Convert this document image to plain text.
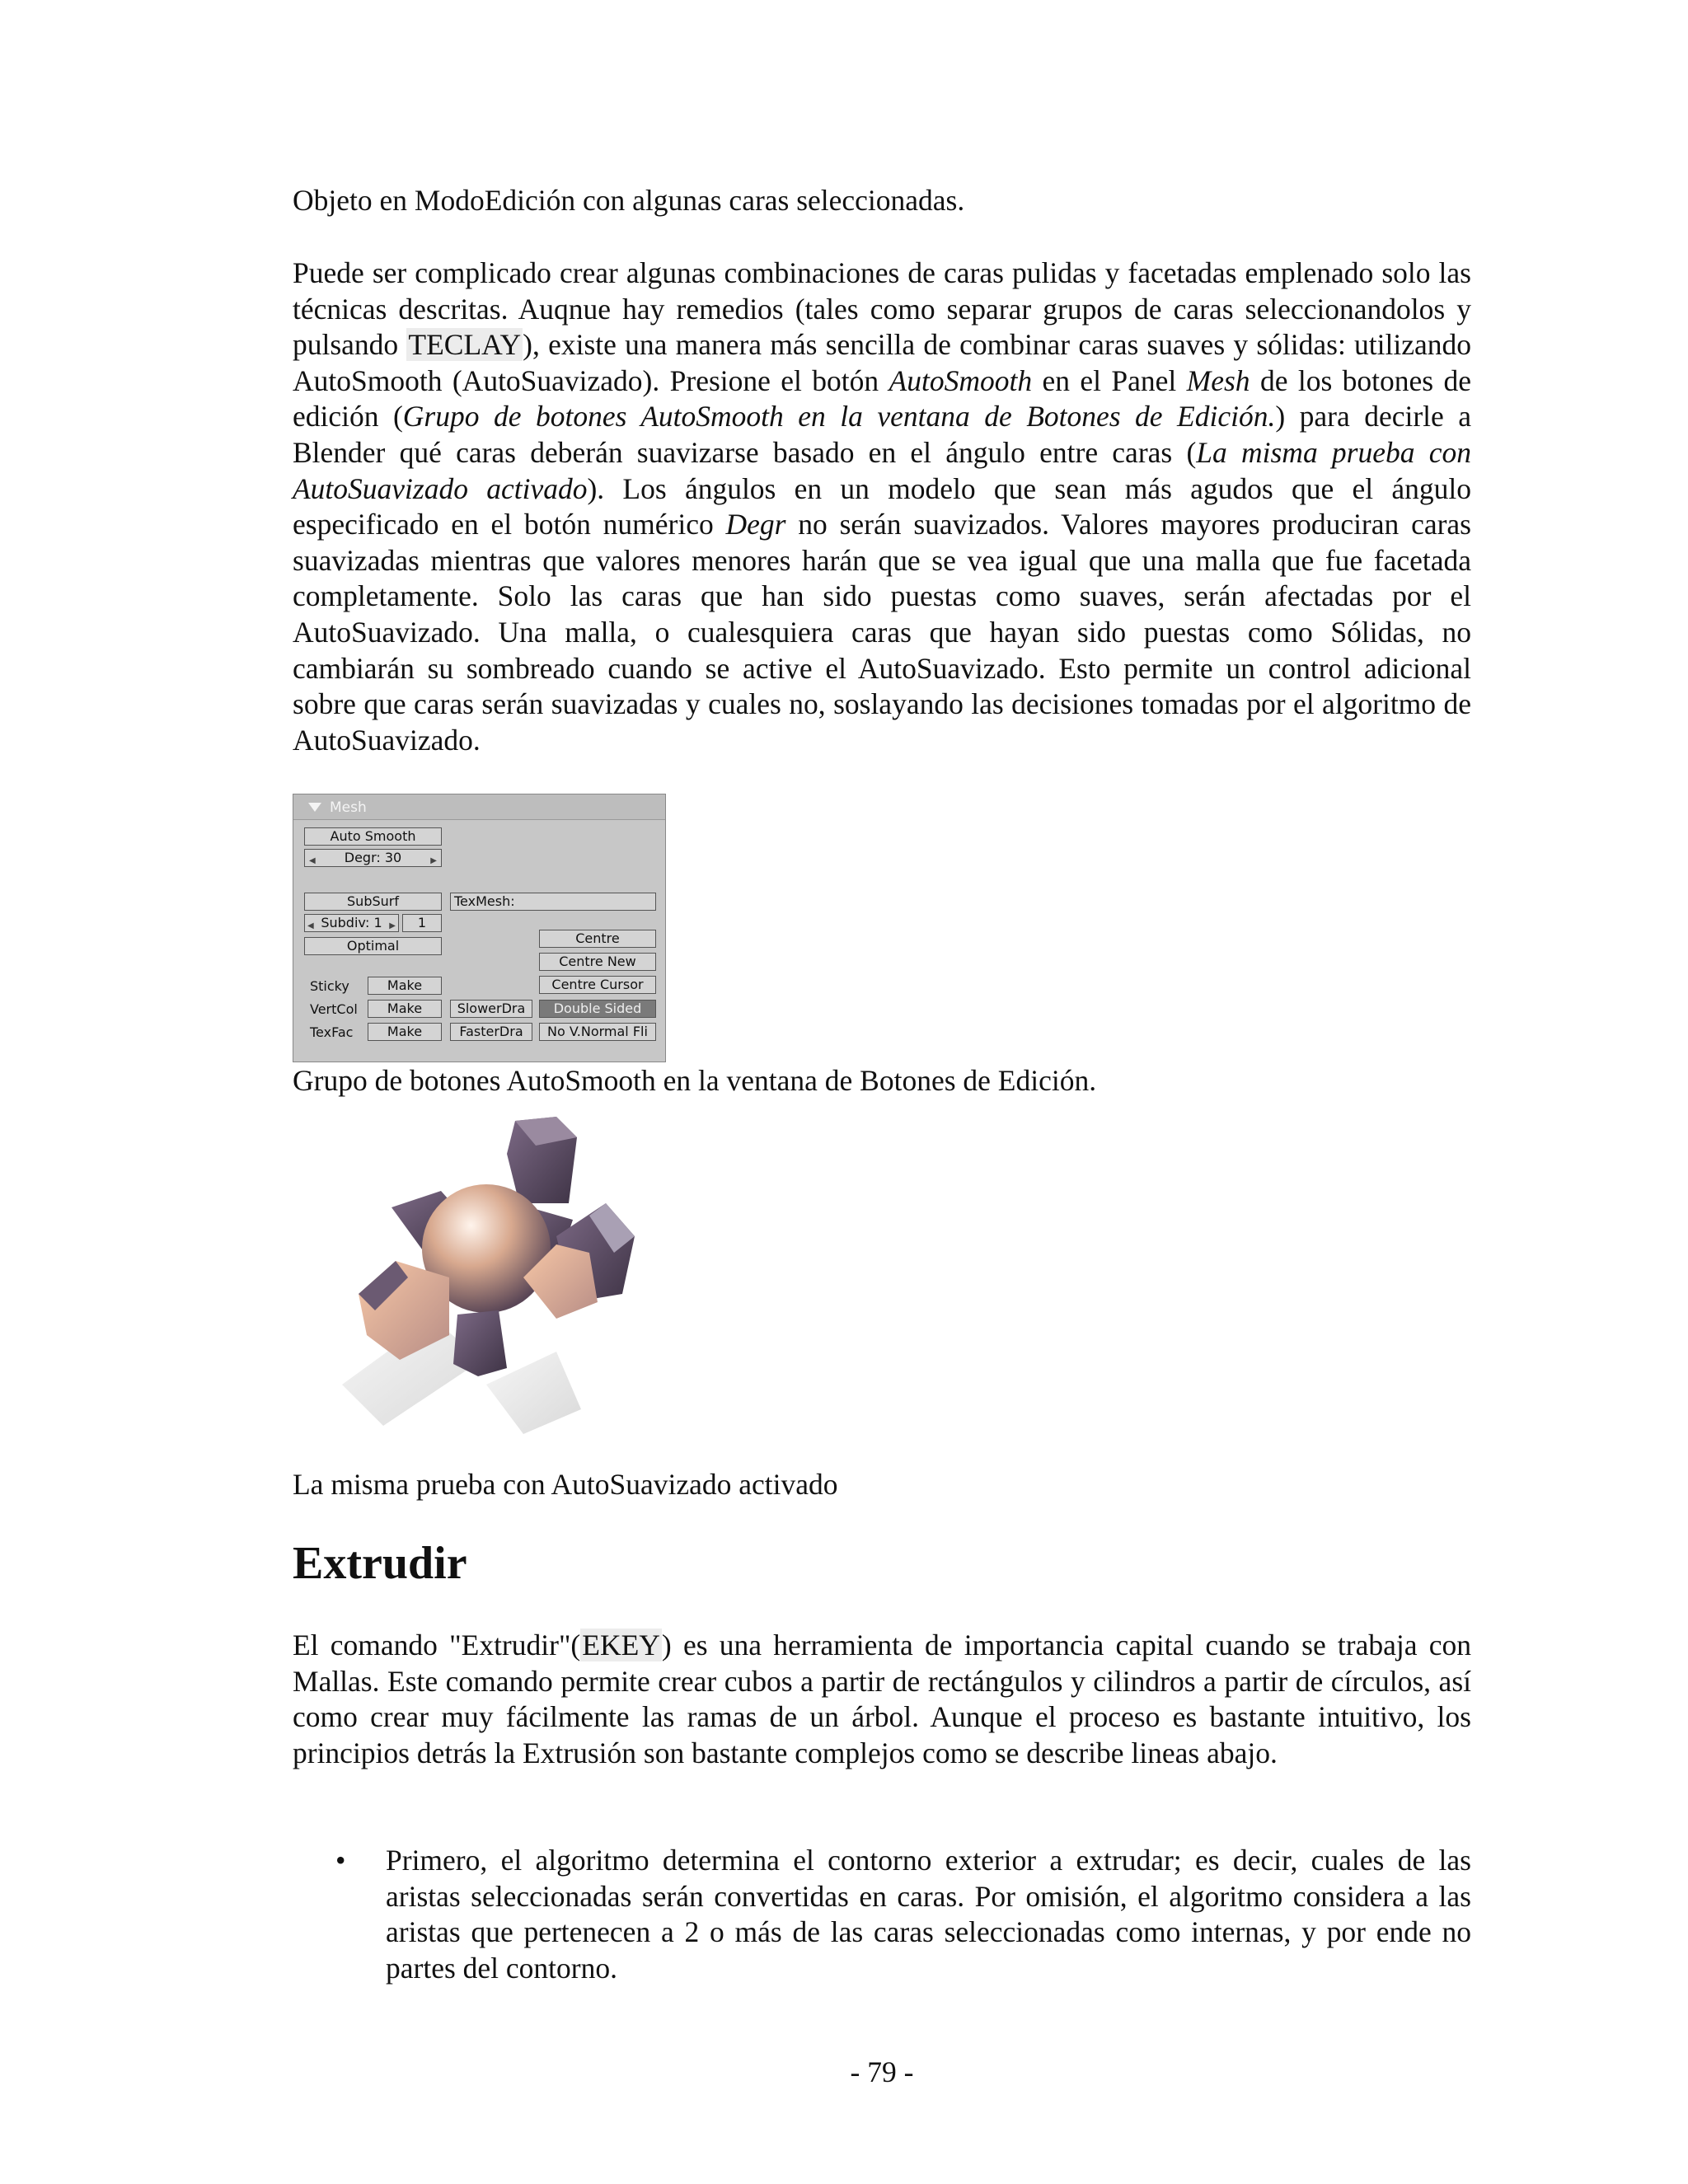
Objeto en ModoEdición con algunas caras seleccionadas.

Puede ser complicado crear algunas combinaciones de caras pulidas y facetadas emplenado solo las técnicas descritas. Auqnue hay remedios (tales como separar grupos de caras seleccionandolos y pulsando TECLAY), existe una manera más sencilla de combinar caras suaves y sólidas: utilizando AutoSmooth (AutoSuavizado). Presione el botón AutoSmooth en el Panel Mesh de los botones de edición (Grupo de botones AutoSmooth en la ventana de Botones de Edición.) para decirle a Blender qué caras deberán suavizarse basado en el ángulo entre caras (La misma prueba con AutoSuavizado activado). Los ángulos en un modelo que sean más agudos que el ángulo especificado en el botón numérico Degr no serán suavizados. Valores mayores produciran caras suavizadas mientras que valores menores harán que se vea igual que una malla que fue facetada completamente. Solo las caras que han sido puestas como suaves, serán afectadas por el AutoSuavizado. Una malla, o cualesquiera caras que hayan sido puestas como Sólidas, no cambiarán su sombreado cuando se active el AutoSuavizado. Esto permite un control adicional sobre que caras serán suavizadas y cuales no, soslayando las decisiones tomadas por el algoritmo de AutoSuavizado.

Mesh
Auto Smooth
◀ Degr: 30	▶
SubSurf	TexMesh:
◀ Subdiv: 1 ▶	1
Optimal	Centre
Centre New
Centre Cursor
Sticky	Make
VertCol	Make	SlowerDra	Double Sided
TexFac	Make	FasterDra	No V.Normal Fli

Grupo de botones AutoSmooth en la ventana de Botones de Edición.

La misma prueba con AutoSuavizado activado

Extrudir

El comando "Extrudir"(EKEY) es una herramienta de importancia capital cuando se trabaja con Mallas. Este comando permite crear cubos a partir de rectángulos y cilindros a partir de círculos, así como crear muy fácilmente las ramas de un árbol. Aunque el proceso es bastante intuitivo, los principios detrás la Extrusión son bastante complejos como se describe lineas abajo.

• Primero, el algoritmo determina el contorno exterior a extrudar; es decir, cuales de las aristas seleccionadas serán convertidas en caras. Por omisión, el algoritmo considera a las aristas que pertenecen a 2 o más de las caras seleccionadas como internas, y por ende no partes del contorno.

- 79 -
